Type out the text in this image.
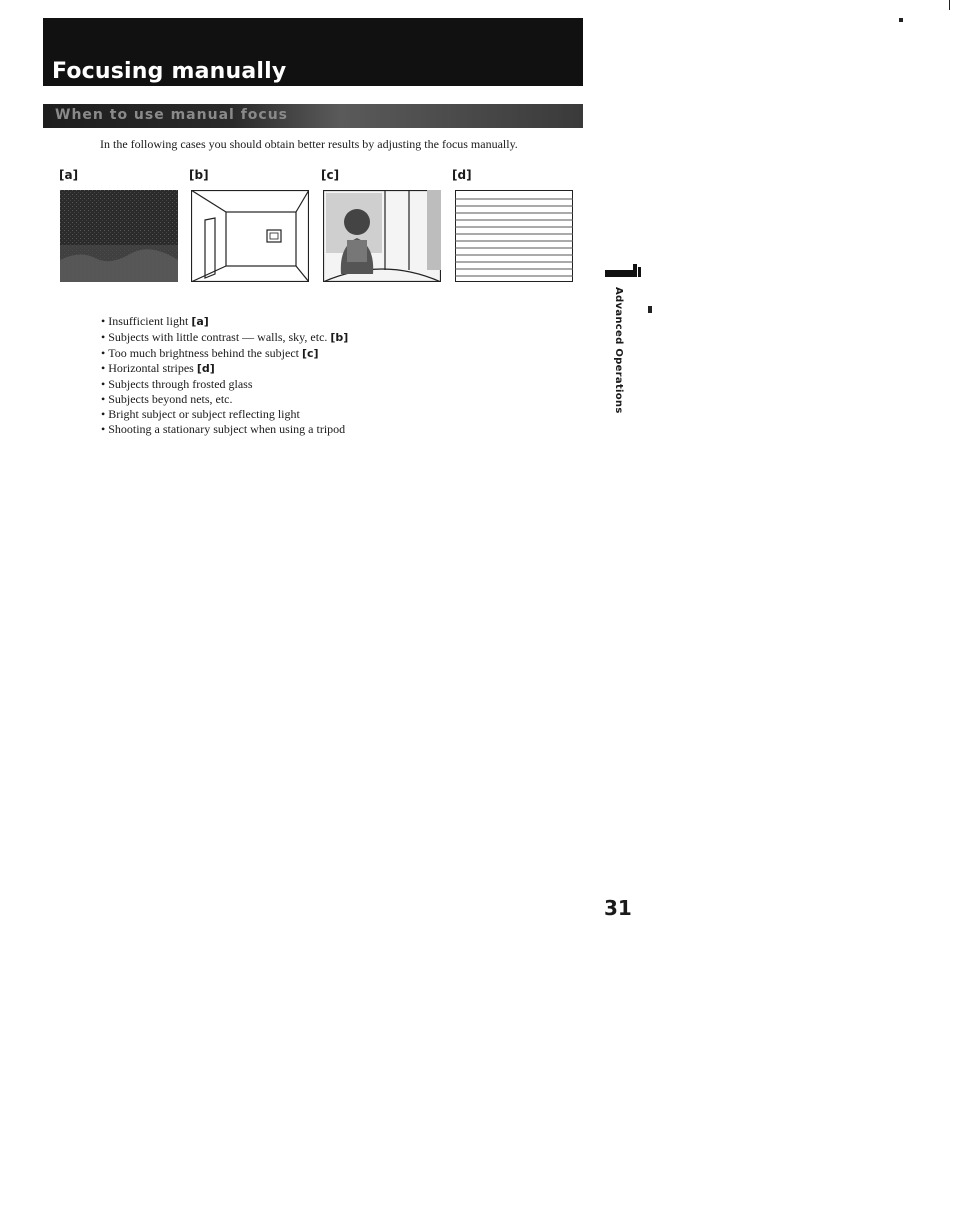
Focusing manually
When to use manual focus

In the following cases you should obtain better results by adjusting the focus manually.

[a]	[b]	[c]	[d]

• Insufficient light [a]
• Subjects with little contrast — walls, sky, etc. [b]
• Too much brightness behind the subject [c]
• Horizontal stripes [d]
• Subjects through frosted glass
• Subjects beyond nets, etc.
• Bright subject or subject reflecting light
• Shooting a stationary subject when using a tripod

Advanced Operations

31
